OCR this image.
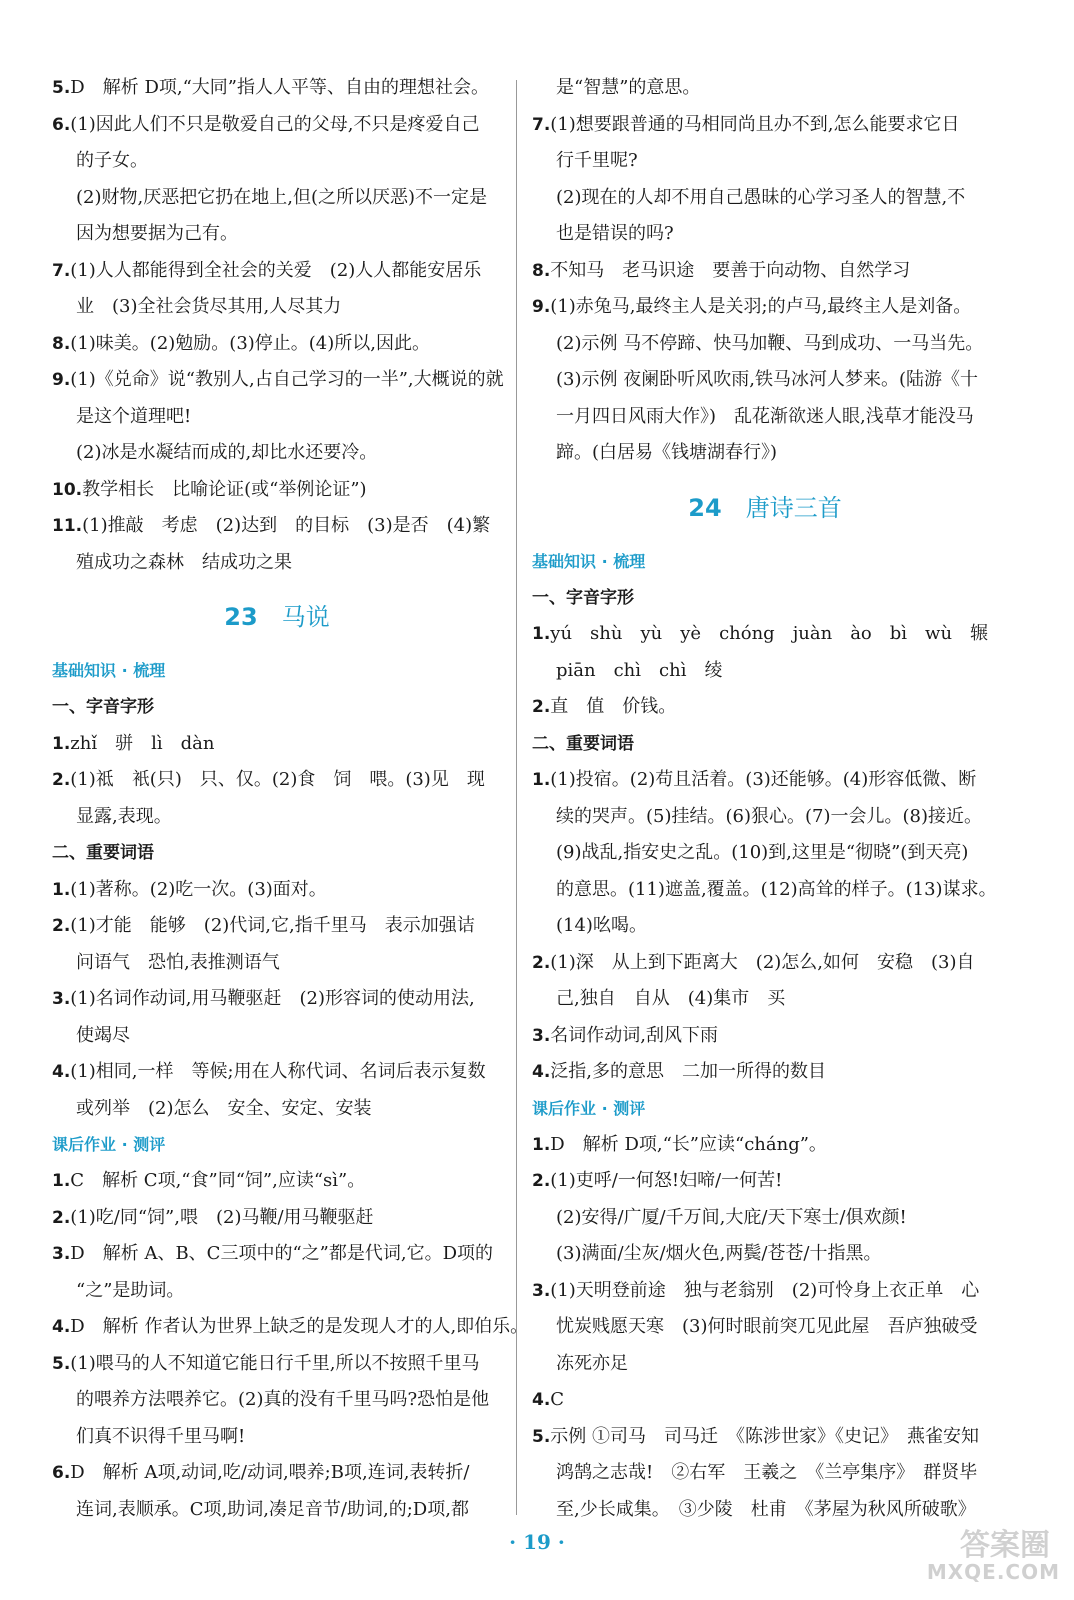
5.D　解析 D项,“大同”指人人平等、自由的理想社会。
6.(1)因此人们不只是敬爱自己的父母,不只是疼爱自己
的子女。
(2)财物,厌恶把它扔在地上,但(之所以厌恶)不一定是
因为想要据为己有。
7.(1)人人都能得到全社会的关爱　(2)人人都能安居乐
业　(3)全社会货尽其用,人尽其力
8.(1)味美。(2)勉励。(3)停止。(4)所以,因此。
9.(1)《兑命》说“教别人,占自己学习的一半”,大概说的就
是这个道理吧!
(2)冰是水凝结而成的,却比水还要冷。
10.教学相长　比喻论证(或“举例论证”)
11.(1)推敲　考虑　(2)达到　的目标　(3)是否　(4)繁
殖成功之森林　结成功之果
23 马说
基础知识 · 梳理
一、字音字形
1.zhǐ　骈　lì　dàn
2.(1)祗　衹(只)　只、仅。(2)食　饲　喂。(3)见　现
显露,表现。
二、重要词语
1.(1)著称。(2)吃一次。(3)面对。
2.(1)才能　能够　(2)代词,它,指千里马　表示加强诘
问语气　恐怕,表推测语气
3.(1)名词作动词,用马鞭驱赶　(2)形容词的使动用法,
使竭尽
4.(1)相同,一样　等候;用在人称代词、名词后表示复数
或列举　(2)怎么　安全、安定、安装
课后作业 · 测评
1.C　解析 C项,“食”同“饲”,应读“sì”。
2.(1)吃/同“饲”,喂　(2)马鞭/用马鞭驱赶
3.D　解析 A、B、C三项中的“之”都是代词,它。D项的
“之”是助词。
4.D　解析 作者认为世界上缺乏的是发现人才的人,即伯乐。
5.(1)喂马的人不知道它能日行千里,所以不按照千里马
的喂养方法喂养它。(2)真的没有千里马吗?恐怕是他
们真不识得千里马啊!
6.D　解析 A项,动词,吃/动词,喂养;B项,连词,表转折/
连词,表顺承。C项,助词,凑足音节/助词,的;D项,都
是“智慧”的意思。
7.(1)想要跟普通的马相同尚且办不到,怎么能要求它日
行千里呢?
(2)现在的人却不用自己愚昧的心学习圣人的智慧,不
也是错误的吗?
8.不知马　老马识途　要善于向动物、自然学习
9.(1)赤兔马,最终主人是关羽;的卢马,最终主人是刘备。
(2)示例 马不停蹄、快马加鞭、马到成功、一马当先。
(3)示例 夜阑卧听风吹雨,铁马冰河人梦来。(陆游《十
一月四日风雨大作》)　乱花渐欲迷人眼,浅草才能没马
蹄。(白居易《钱塘湖春行》)
24 唐诗三首
基础知识 · 梳理
一、字音字形
1.yú　shù　yù　yè　chóng　juàn　ào　bì　wù　辗
piān　chì　chì　绫
2.直　值　价钱。
二、重要词语
1.(1)投宿。(2)苟且活着。(3)还能够。(4)形容低微、断
续的哭声。(5)挂结。(6)狠心。(7)一会儿。(8)接近。
(9)战乱,指安史之乱。(10)到,这里是“彻晓”(到天亮)
的意思。(11)遮盖,覆盖。(12)高耸的样子。(13)谋求。
(14)吆喝。
2.(1)深　从上到下距离大　(2)怎么,如何　安稳　(3)自
己,独自　自从　(4)集市　买
3.名词作动词,刮风下雨
4.泛指,多的意思　二加一所得的数目
课后作业 · 测评
1.D　解析 D项,“长”应读“cháng”。
2.(1)吏呼/一何怒!妇啼/一何苦!
(2)安得/广厦/千万间,大庇/天下寒士/俱欢颜!
(3)满面/尘灰/烟火色,两鬓/苍苍/十指黑。
3.(1)天明登前途　独与老翁别　(2)可怜身上衣正单　心
忧炭贱愿天寒　(3)何时眼前突兀见此屋　吾庐独破受
冻死亦足
4.C
5.示例 ①司马　司马迁　《陈涉世家》《史记》　燕雀安知
鸿鹄之志哉!　②右军　王羲之　《兰亭集序》　群贤毕
至,少长咸集。　③少陵　杜甫　《茅屋为秋风所破歌》
· 19 ·	答案圈
MXQE.COM
